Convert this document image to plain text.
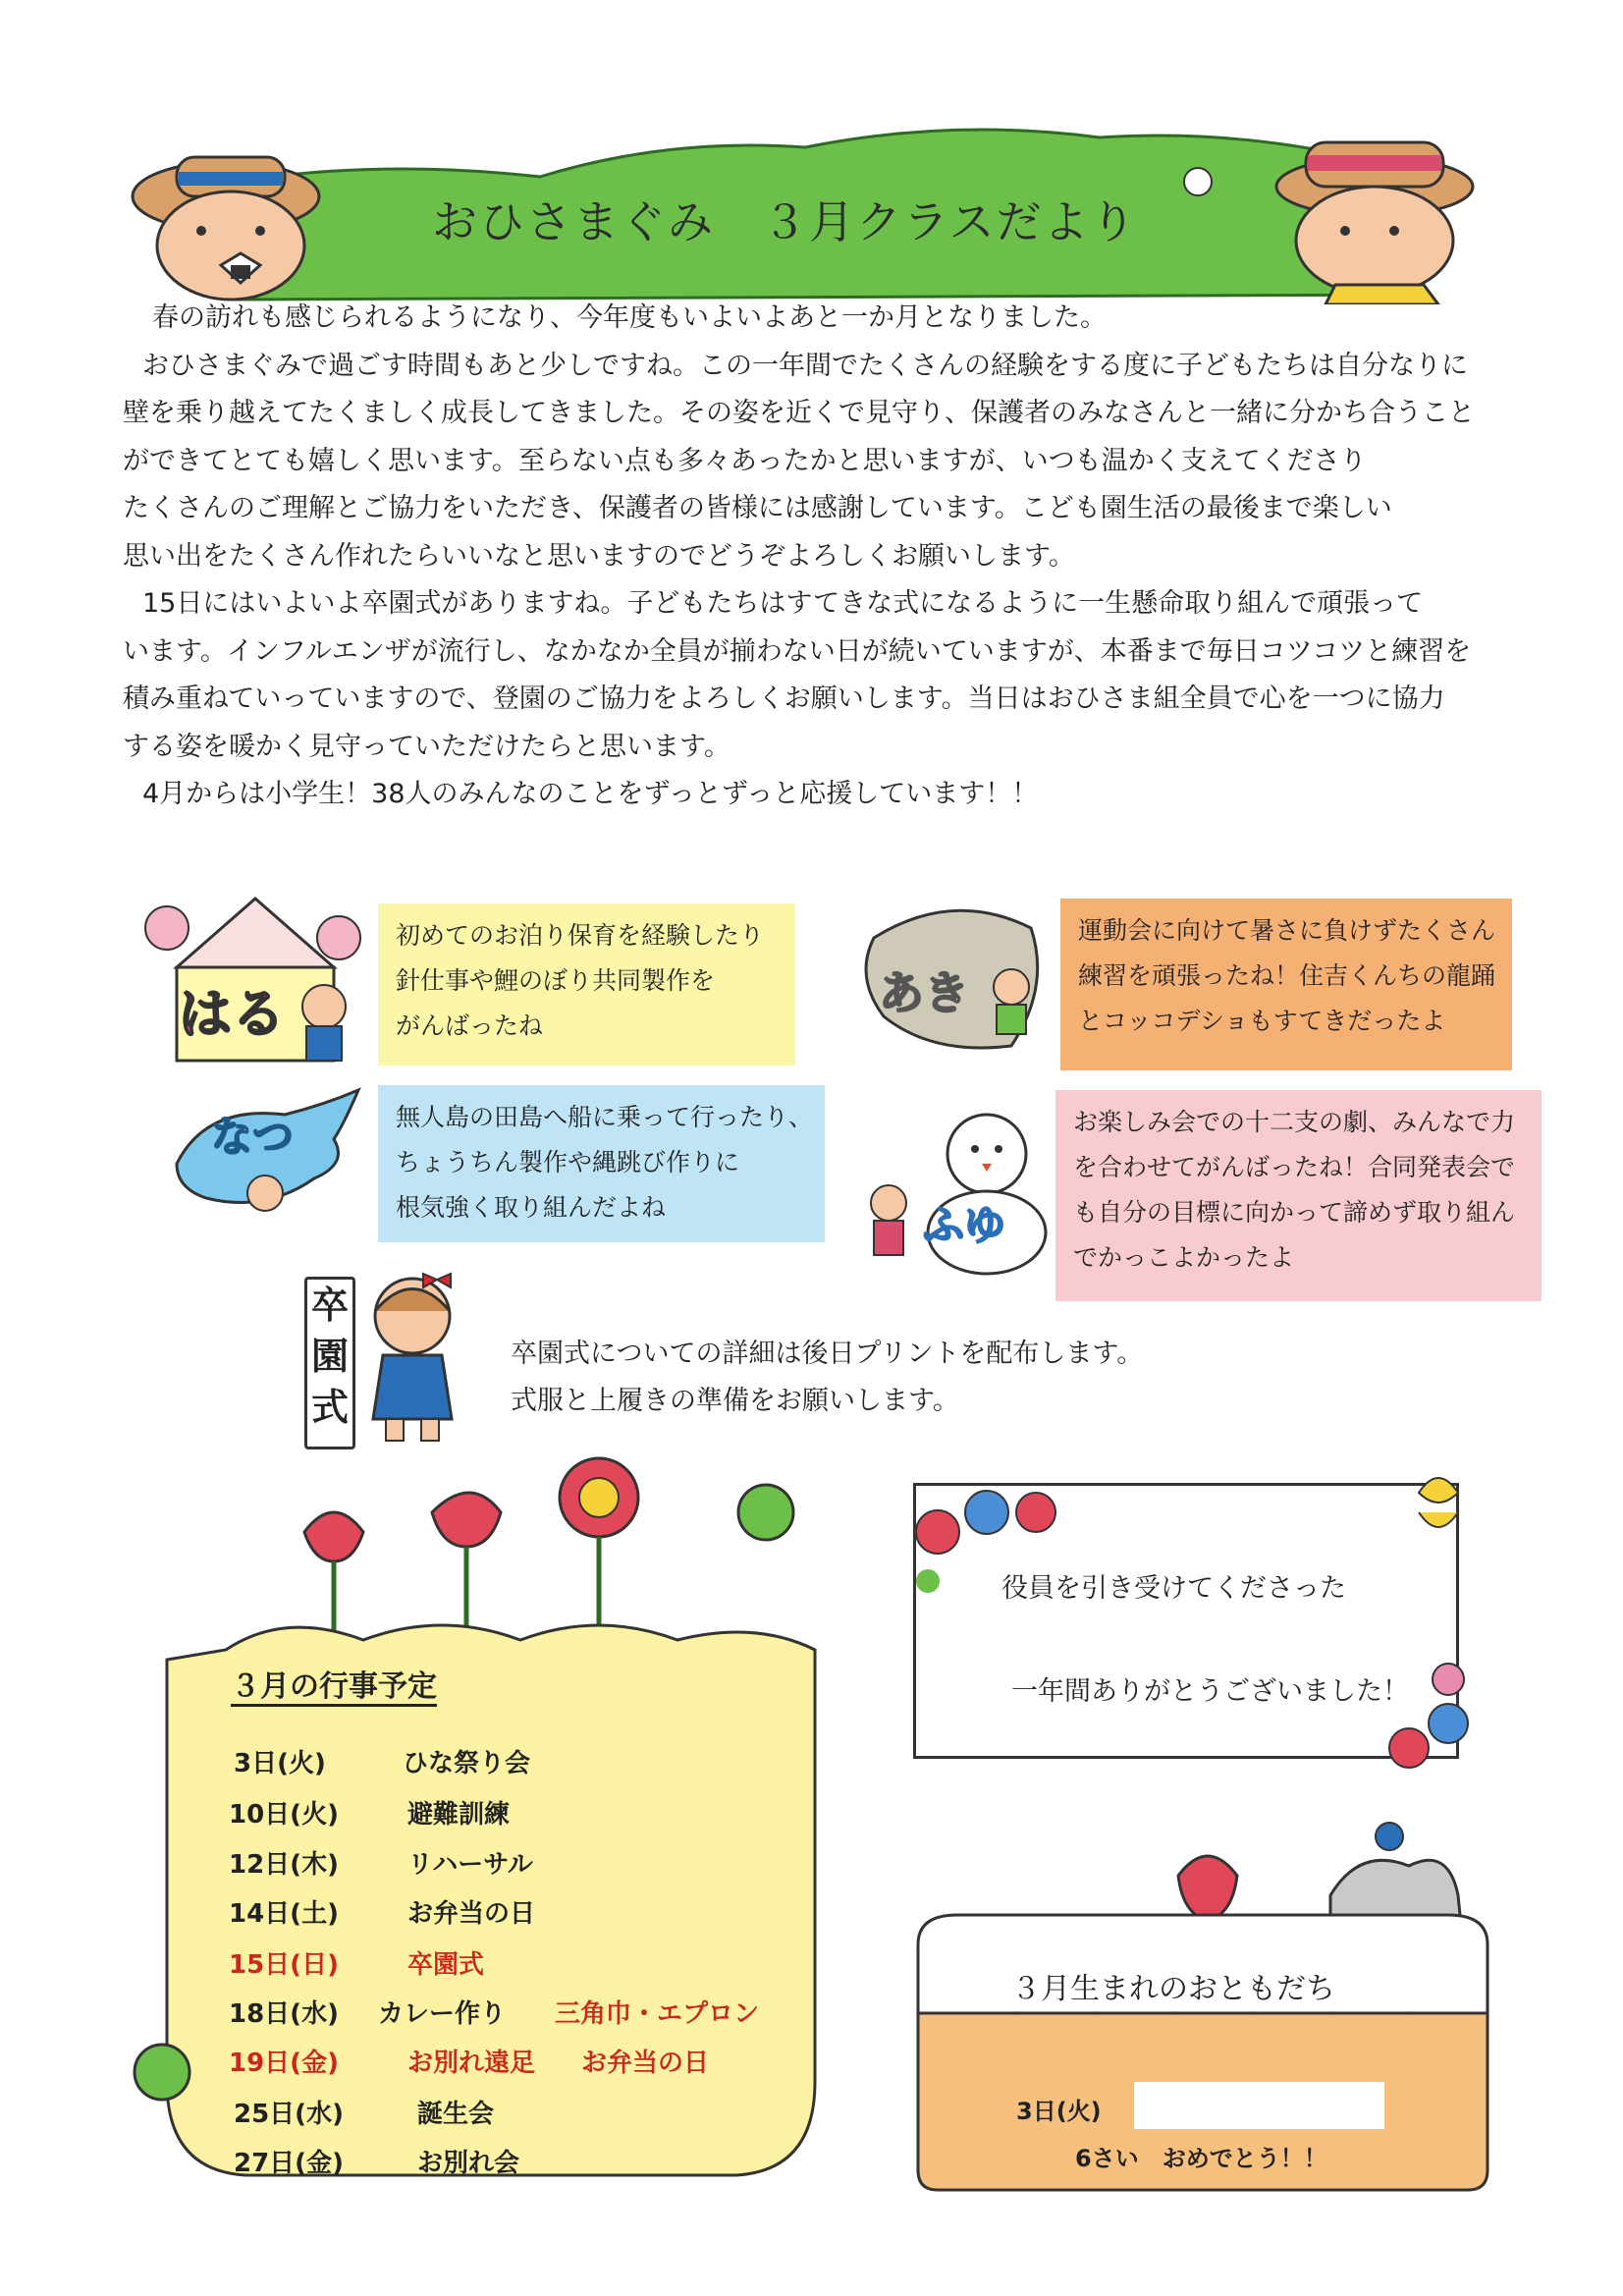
おひさまぐみ　３月クラスだより

春の訪れも感じられるようになり、今年度もいよいよあと一か月となりました。

おひさまぐみで過ごす時間もあと少しですね。この一年間でたくさんの経験をする度に子どもたちは自分なりに

壁を乗り越えてたくましく成長してきました。その姿を近くで見守り、保護者のみなさんと一緒に分かち合うこと

ができてとても嬉しく思います。至らない点も多々あったかと思いますが、いつも温かく支えてくださり

たくさんのご理解とご協力をいただき、保護者の皆様には感謝しています。こども園生活の最後まで楽しい

思い出をたくさん作れたらいいなと思いますのでどうぞよろしくお願いします。

15日にはいよいよ卒園式がありますね。子どもたちはすてきな式になるように一生懸命取り組んで頑張って

います。インフルエンザが流行し、なかなか全員が揃わない日が続いていますが、本番まで毎日コツコツと練習を

積み重ねていっていますので、登園のご協力をよろしくお願いします。当日はおひさま組全員で心を一つに協力

する姿を暖かく見守っていただけたらと思います。

4月からは小学生！38人のみんなのことをずっとずっと応援しています！！

はる

初めてのお泊り保育を経験したり

針仕事や鯉のぼり共同製作を

がんばったね

なつ	無人島の田島へ船に乗って行ったり、

ちょうちん製作や縄跳び作りに

根気強く取り組んだよね

あき

運動会に向けて暑さに負けずたくさん

練習を頑張ったね！住吉くんちの龍踊

とコッコデショもすてきだったよ

ふゆ

お楽しみ会での十二支の劇、みんなで力

を合わせてがんばったね！合同発表会で

も自分の目標に向かって諦めず取り組ん

でかっこよかったよ

卒
園
式

卒園式についての詳細は後日プリントを配布します。

式服と上履きの準備をお願いします。

３月の行事予定
3日(火)	ひな祭り会
10日(火)	避難訓練
12日(木)	リハーサル
14日(土)	お弁当の日
15日(日)	卒園式
18日(水) カレー作り 三角巾・エプロン
19日(金)	お別れ遠足 お弁当の日
25日(水)	誕生会
27日(金)	お別れ会
役員を引き受けてくださった
一年間ありがとうございました！
３月生まれのおともだち
3日(火)
6さい　おめでとう！！
